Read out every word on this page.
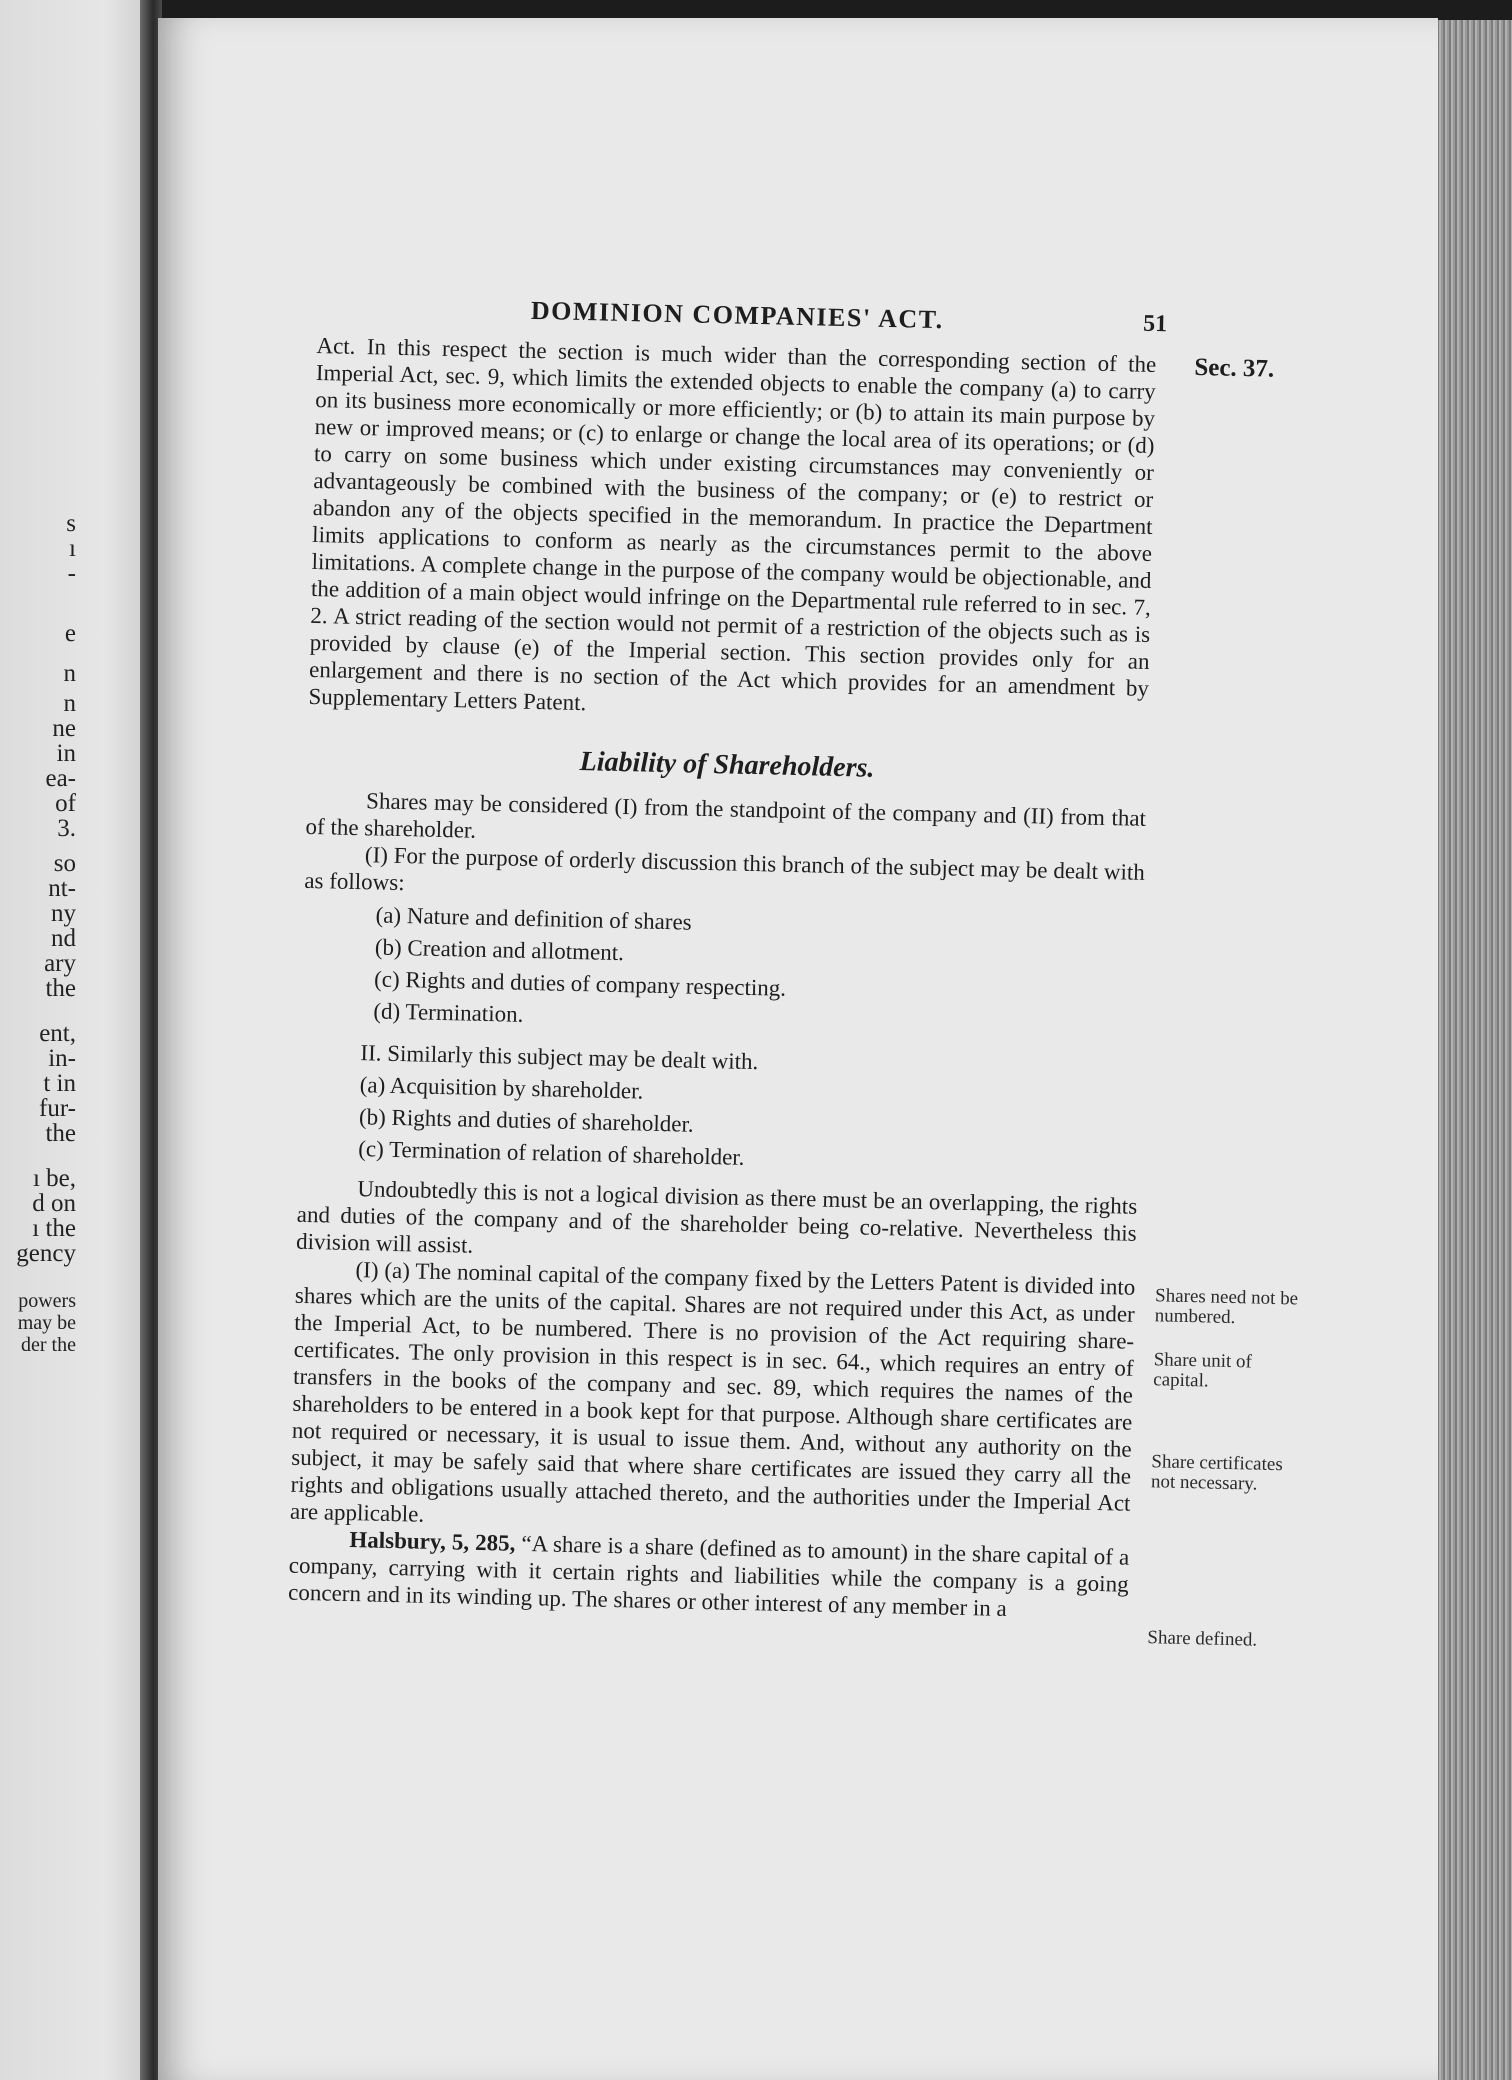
s
ı
-
e
n
n
ne
in
ea-
of
3.
so
nt-
ny
nd
ary
the
ent,
in-
t in
fur-
the
ı be,
d on
ı the
gency
powers
may be
der the
DOMINION COMPANIES' ACT.	51
Sec. 37.

Act. In this respect the section is much wider than the corresponding section of the Imperial Act, sec. 9, which limits the extended objects to enable the company (a) to carry on its business more economically or more efficiently; or (b) to attain its main purpose by new or improved means; or (c) to enlarge or change the local area of its operations; or (d) to carry on some business which under existing circumstances may conveniently or advantageously be combined with the business of the company; or (e) to restrict or abandon any of the objects specified in the memorandum. In practice the Department limits applications to conform as nearly as the circumstances permit to the above limitations. A complete change in the purpose of the company would be objectionable, and the addition of a main object would infringe on the Departmental rule referred to in sec. 7, 2. A strict reading of the section would not permit of a restriction of the objects such as is provided by clause (e) of the Imperial section. This section provides only for an enlargement and there is no section of the Act which provides for an amendment by Supplementary Letters Patent.

Liability of Shareholders.

Shares may be considered (I) from the standpoint of the company and (II) from that of the shareholder.

(I) For the purpose of orderly discussion this branch of the subject may be dealt with as follows:

(a) Nature and definition of shares

(b) Creation and allotment.

(c) Rights and duties of company respecting.

(d) Termination.

II. Similarly this subject may be dealt with.

(a) Acquisition by shareholder.

(b) Rights and duties of shareholder.

(c) Termination of relation of shareholder.

Undoubtedly this is not a logical division as there must be an overlapping, the rights and duties of the company and of the shareholder being co-relative. Nevertheless this division will assist.

(I) (a) The nominal capital of the company fixed by the Letters Patent is divided into shares which are the units of the capital. Shares are not required under this Act, as under the Imperial Act, to be numbered. There is no provision of the Act requiring share-certificates. The only provision in this respect is in sec. 64., which requires an entry of transfers in the books of the company and sec. 89, which requires the names of the shareholders to be entered in a book kept for that purpose. Although share certificates are not required or necessary, it is usual to issue them. And, without any authority on the subject, it may be safely said that where share certificates are issued they carry all the rights and obligations usually attached thereto, and the authorities under the Imperial Act are applicable.

Shares need not be numbered.
Share unit of capital.
Share certificates not necessary.

Halsbury, 5, 285, “A share is a share (defined as to amount) in the share capital of a company, carrying with it certain rights and liabilities while the company is a going concern and in its winding up. The shares or other interest of any member in a

Share defined.
